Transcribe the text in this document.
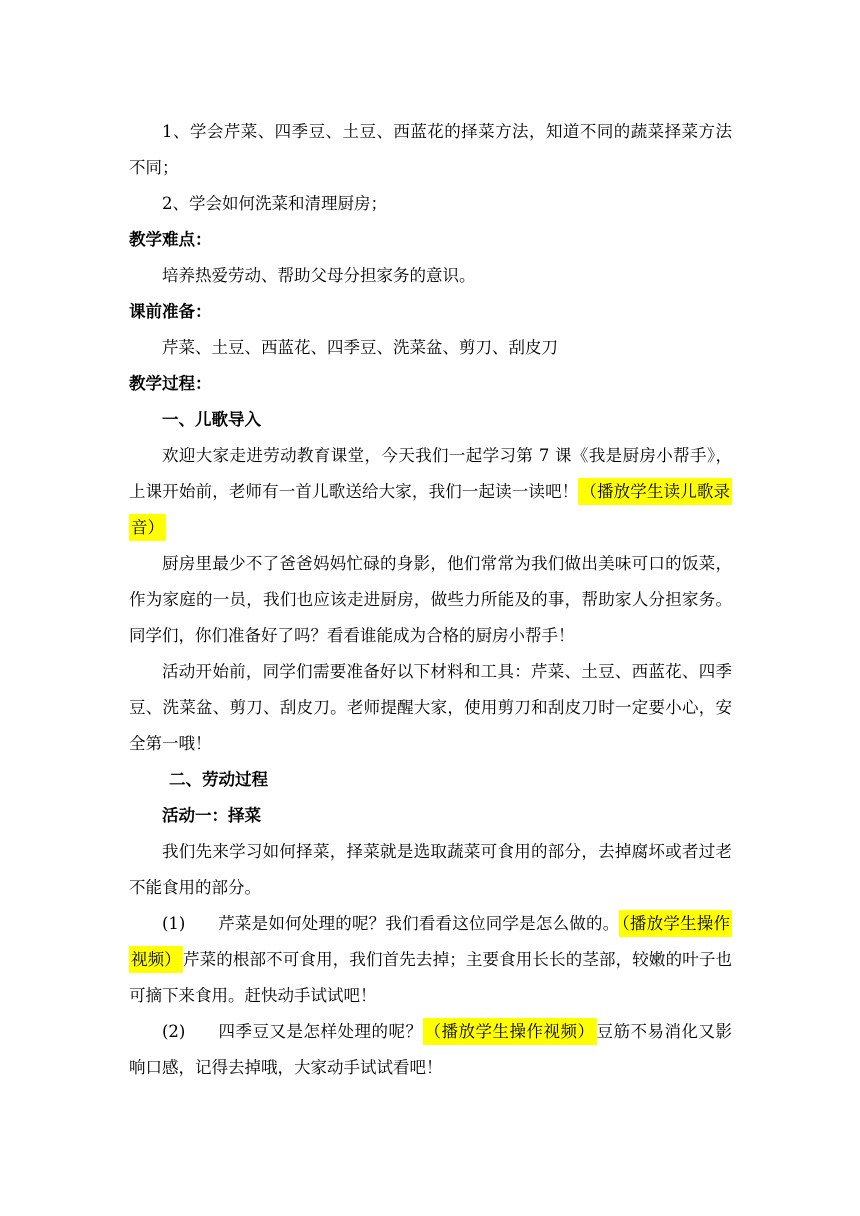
1、学会芹菜、四季豆、土豆、西蓝花的择菜方法，知道不同的蔬菜择菜方法不同；

2、学会如何洗菜和清理厨房；

教学难点：

培养热爱劳动、帮助父母分担家务的意识。

课前准备：

芹菜、土豆、西蓝花、四季豆、洗菜盆、剪刀、刮皮刀

教学过程：

一、儿歌导入

欢迎大家走进劳动教育课堂，今天我们一起学习第 7 课《我是厨房小帮手》，上课开始前，老师有一首儿歌送给大家，我们一起读一读吧！ （播放学生读儿歌录音）

厨房里最少不了爸爸妈妈忙碌的身影，他们常常为我们做出美味可口的饭菜，作为家庭的一员，我们也应该走进厨房，做些力所能及的事，帮助家人分担家务。同学们，你们准备好了吗？看看谁能成为合格的厨房小帮手！

活动开始前，同学们需要准备好以下材料和工具：芹菜、土豆、西蓝花、四季豆、洗菜盆、剪刀、刮皮刀。老师提醒大家，使用剪刀和刮皮刀时一定要小心，安全第一哦！

二、劳动过程

活动一：择菜

我们先来学习如何择菜，择菜就是选取蔬菜可食用的部分，去掉腐坏或者过老不能食用的部分。

(1) 芹菜是如何处理的呢？我们看看这位同学是怎么做的。 （播放学生操作视频） 芹菜的根部不可食用，我们首先去掉；主要食用长长的茎部，较嫩的叶子也可摘下来食用。赶快动手试试吧！

(2) 四季豆又是怎样处理的呢？ （播放学生操作视频） 豆筋不易消化又影响口感，记得去掉哦，大家动手试试看吧！
